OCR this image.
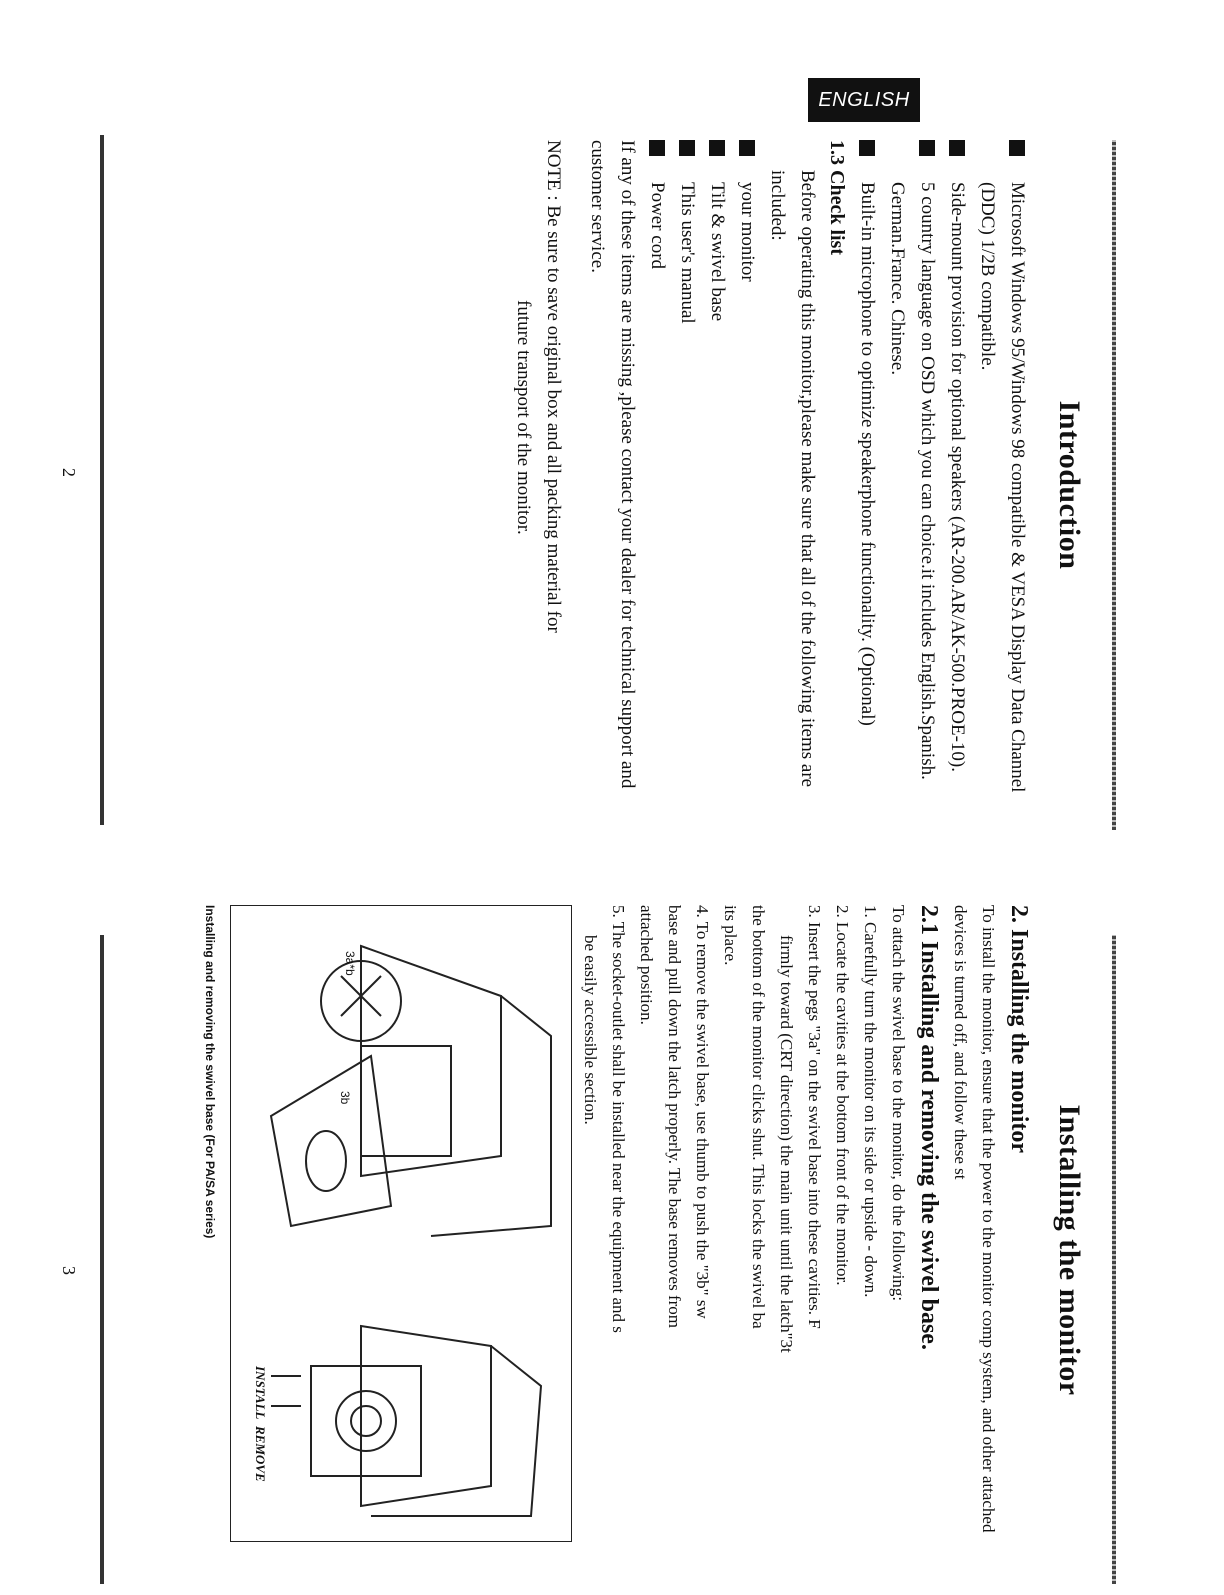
ENGLISH
2
3
Introduction

Microsoft Windows 95/Windows 98 compatible & VESA Display Data Channel (DDC) 1/2B compatible.

Side-mount provision for optional speakers (AR-200.AR/AK-500.PROE-10).

5 country language on OSD which you can choice.it includes English.Spanish. German.France. Chinese.

Built-in microphone to optimize speakerphone functionality. (Optional)

1.3 Check list

Before operating this monitor,please make sure that all of the following items are included:

your monitor

Tilt & swivel base

This user's manual

Power cord

If any of these items are missing ,please contact your dealer for technical support and customer service.

NOTE : Be sure to save original box and all packing material for

future transport of the monitor.

Installing the monitor

2. Installing the monitor

To install the monitor, ensure that the power to the monitor comp system, and other attached devices is turned off, and follow these st

2.1 Installing and removing the swivel base.

To attach the swivel base to the monitor, do the following:
1. Carefully turn the monitor on its side or upside - down.
2. Locate the cavities at the bottom front of the monitor.
3. Insert the pegs "3a" on the swivel base into these cavities. F
firmly toward (CRT direction) the main unit until the latch"3t
the bottom of the monitor clicks shut. This locks the swivel ba
its place.
4. To remove the swivel base, use thumb to push the "3b" sw
base and pull down the latch properly. The base removes from
attached position.
5. The socket-outlet shall be installed near the equipment and s
be easily accessible section.
3a*b
3b
INSTALL
REMOVE
Installing and removing the swivel base (For PA/SA series)
